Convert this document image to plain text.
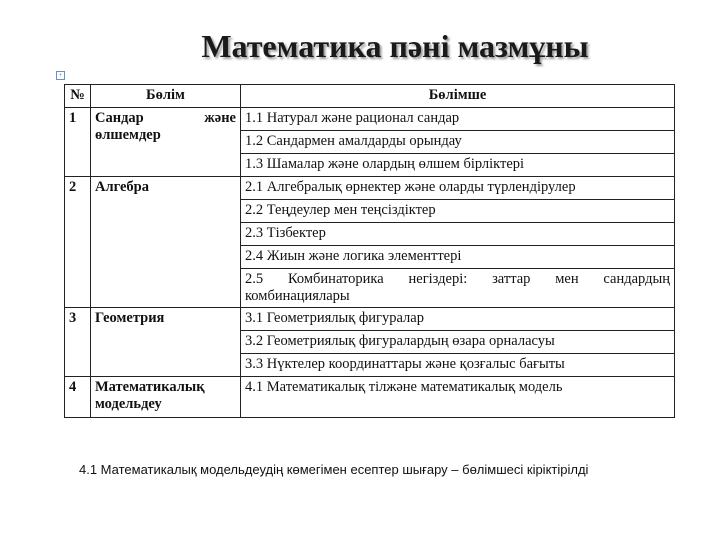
Математика пәні мазмұны
+
№	Бөлім	Бөлімше
1	Сандар және өлшемдер	1.1 Натурал және рационал сандар
		1.2 Сандармен амалдарды орындау
		1.3 Шамалар және олардың өлшем бірліктері
2	Алгебра	2.1 Алгебралық өрнектер және оларды түрлендірулер
		2.2 Теңдеулер мен теңсіздіктер
		2.3 Тізбектер
		2.4 Жиын және логика элементтері
		2.5 Комбинаторика негіздері: заттар мен сандардың комбинациялары
3	Геометрия	3.1 Геометриялық фигуралар
		3.2 Геометриялық фигуралардың өзара орналасуы
		3.3 Нүктелер координаттары және қозғалыс бағыты
4	Математикалық модельдеу	4.1 Математикалық тілжәне математикалық модель
4.1 Математикалық модельдеудің көмегімен есептер шығару – бөлімшесі кіріктірілді
